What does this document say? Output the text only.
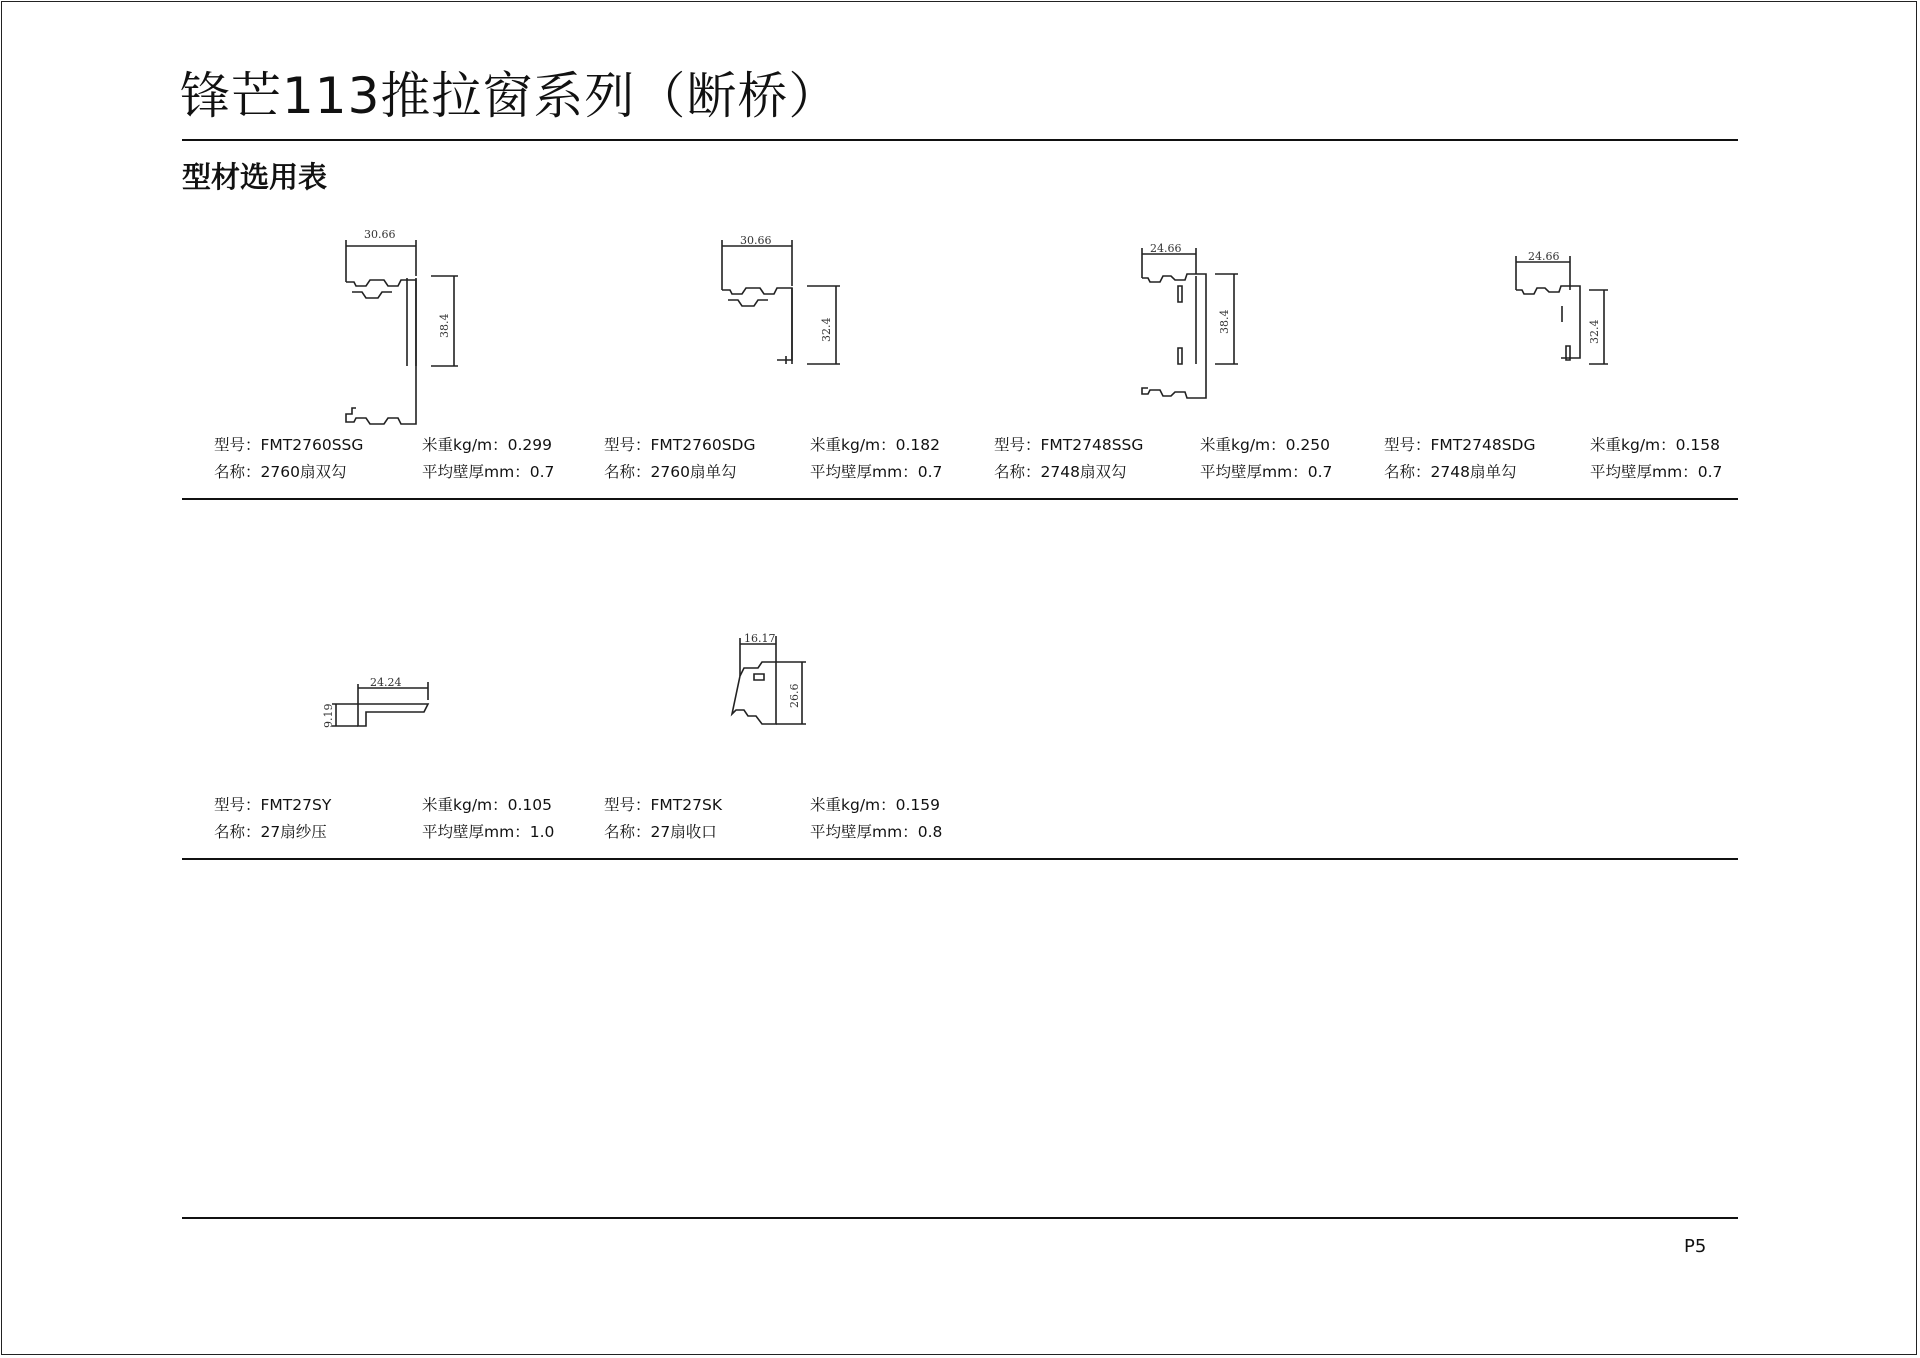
锋芒113推拉窗系列（断桥）
型材选用表
30.66
38.4
型号：FMT2760SSG
名称：2760扇双勾
米重kg/m：0.299
平均壁厚mm：0.7
30.66
32.4
型号：FMT2760SDG
名称：2760扇单勾
米重kg/m：0.182
平均壁厚mm：0.7
24.66
38.4
型号：FMT2748SSG
名称：2748扇双勾
米重kg/m：0.250
平均壁厚mm：0.7
24.66
32.4
型号：FMT2748SDG
名称：2748扇单勾
米重kg/m：0.158
平均壁厚mm：0.7
24.24
9.19
型号：FMT27SY
名称：27扇纱压
米重kg/m：0.105
平均壁厚mm：1.0
16.17
26.6
型号：FMT27SK
名称：27扇收口
米重kg/m：0.159
平均壁厚mm：0.8
P5
